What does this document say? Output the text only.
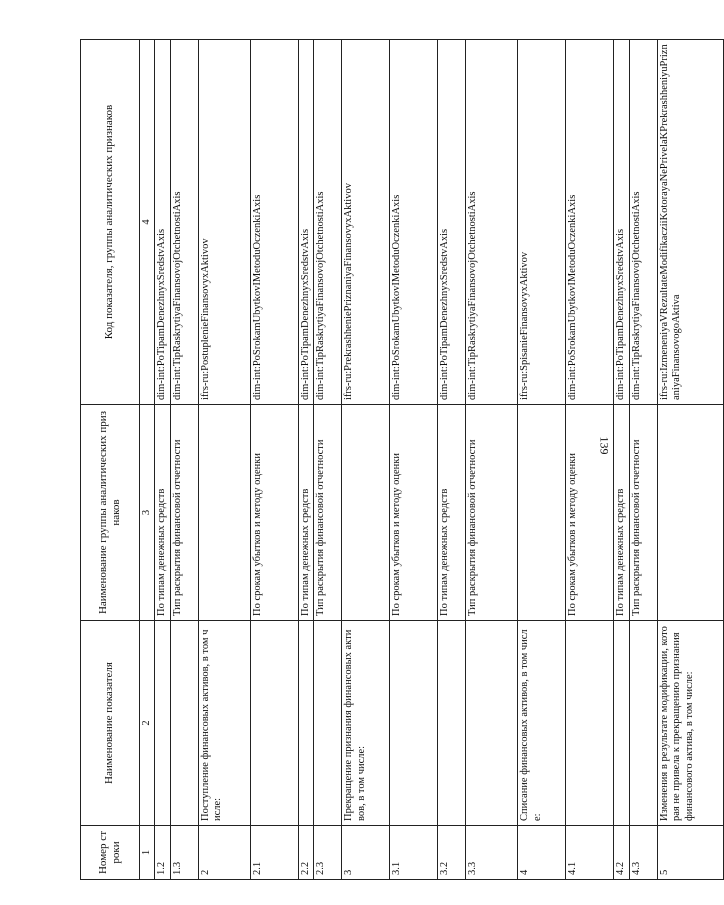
139
Номер строки	Наименование показателя	Наименование группы аналитических признаков	Код показателя, группы аналитических признаков
1	2	3	4
1.2		По типам денежных средств	dim-int:PoTipamDenezhnyxSredstvAxis
1.3		Тип раскрытия финансовой отчетности	dim-int:TipRaskrytiyaFinansovojOtchetnostiAxis
2	Поступление финансовых активов, в том числе:		ifrs-ru:PostuplenieFinansovyxAktivov
2.1		По срокам убытков и методу оценки	dim-int:PoSrokamUbytkovIMetoduOczenkiAxis
2.2		По типам денежных средств	dim-int:PoTipamDenezhnyxSredstvAxis
2.3		Тип раскрытия финансовой отчетности	dim-int:TipRaskrytiyaFinansovojOtchetnostiAxis
3	Прекращение признания финансовых активов, в том числе:		ifrs-ru:PrekrashheniePriznaniyaFinansovyxAktivov
3.1		По срокам убытков и методу оценки	dim-int:PoSrokamUbytkovIMetoduOczenkiAxis
3.2		По типам денежных средств	dim-int:PoTipamDenezhnyxSredstvAxis
3.3		Тип раскрытия финансовой отчетности	dim-int:TipRaskrytiyaFinansovojOtchetnostiAxis
4	Списание финансовых активов, в том числе:		ifrs-ru:SpisanieFinansovyxAktivov
4.1		По срокам убытков и методу оценки	dim-int:PoSrokamUbytkovIMetoduOczenkiAxis
4.2		По типам денежных средств	dim-int:PoTipamDenezhnyxSredstvAxis
4.3		Тип раскрытия финансовой отчетности	dim-int:TipRaskrytiyaFinansovojOtchetnostiAxis
5	Изменения в результате модификации, которая не привела к прекращению признания финансового актива, в том числе:		ifrs-ru:IzmeneniyaVRezultateModifikacziiKotorayaNePrivelaKPrekrashheniyuPriznaniyaFinansovogoAktiva
